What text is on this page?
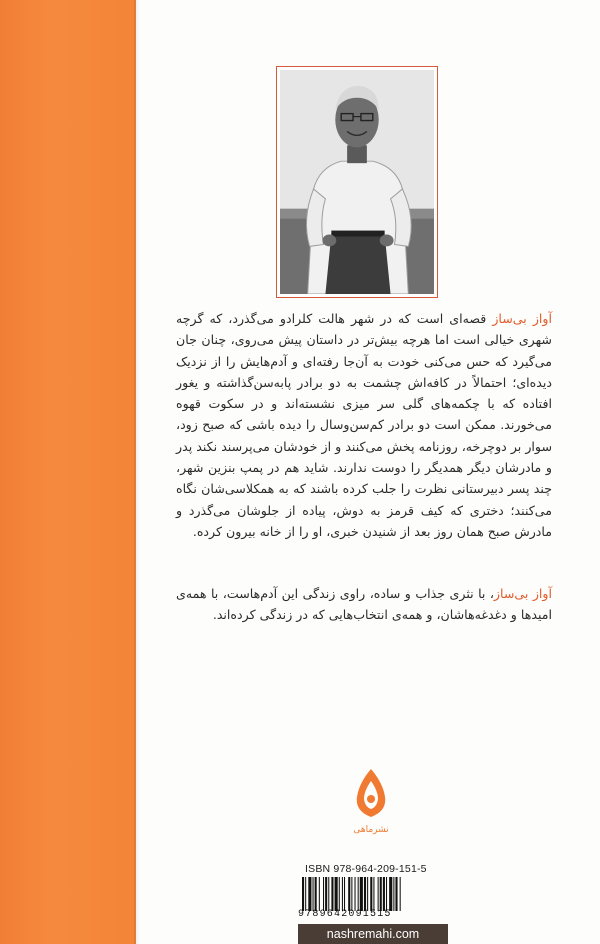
آواز بی‌ساز قصه‌ای است که در شهر هالت کلرادو می‌گذرد، که گرچه شهری خیالی است اما هرچه بیش‌تر در داستان پیش می‌روی، چنان جان می‌گیرد که حس می‌کنی خودت به آن‌جا رفته‌ای و آدم‌هایش را از نزدیک دیده‌ای؛ احتمالاً در کافه‌اش چشمت به دو برادر پابه‌سن‌گذاشته و یغور افتاده که با چکمه‌های گلی سر میزی نشسته‌اند و در سکوت قهوه می‌خورند. ممکن است دو برادر کم‌سن‌وسال را دیده باشی که صبح زود، سوار بر دوچرخه، روزنامه پخش می‌کنند و از خودشان می‌پرسند نکند پدر و مادرشان دیگر همدیگر را دوست ندارند. شاید هم در پمپ بنزین شهر، چند پسر دبیرستانی نظرت را جلب کرده باشند که به همکلاسی‌شان نگاه می‌کنند؛ دختری که کیف قرمز به دوش، پیاده از جلوشان می‌گذرد و مادرش صبح همان روز بعد از شنیدن خبری، او را از خانه بیرون کرده.

آواز بی‌ساز، با نثری جذاب و ساده، راوی زندگی این آدم‌هاست، با همه‌ی امیدها و دغدغه‌هاشان، و همه‌ی انتخاب‌هایی که در زندگی کرده‌اند.

نشرماهی
ISBN 978-964-209-151-5
9789642091515
nashremahi.com
